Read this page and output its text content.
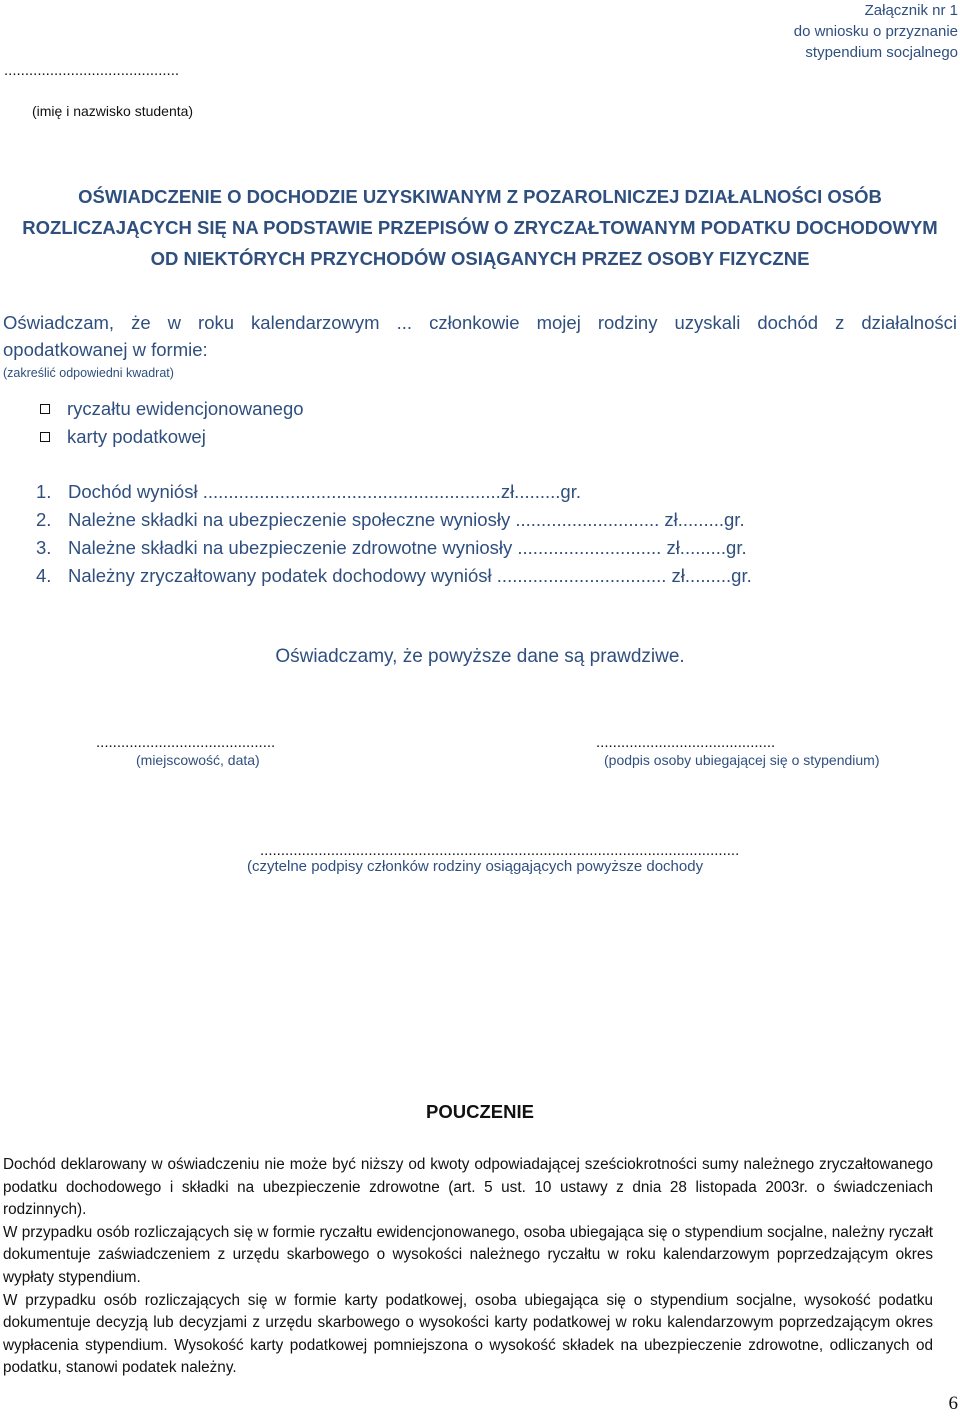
Załącznik nr 1
do wniosku o przyznanie
stypendium socjalnego
..........................................
(imię i nazwisko studenta)
OŚWIADCZENIE O DOCHODZIE UZYSKIWANYM Z POZAROLNICZEJ DZIAŁALNOŚCI OSÓB
ROZLICZAJĄCYCH SIĘ NA PODSTAWIE PRZEPISÓW O ZRYCZAŁTOWANYM PODATKU DOCHODOWYM
OD NIEKTÓRYCH PRZYCHODÓW OSIĄGANYCH PRZEZ OSOBY FIZYCZNE
Oświadczam, że w roku kalendarzowym ... członkowie mojej rodziny uzyskali dochód z działalności
opodatkowanej w formie:
(zakreślić odpowiedni kwadrat)
ryczałtu ewidencjonowanego
karty podatkowej
1. Dochód wyniósł ..........................................................zł.........gr.
2. Należne składki na ubezpieczenie społeczne wyniosły ............................ zł.........gr.
3. Należne składki na ubezpieczenie zdrowotne wyniosły ............................ zł.........gr.
4. Należny zryczałtowany podatek dochodowy wyniósł ................................. zł.........gr.
Oświadczamy, że powyższe dane są prawdziwe.
...........................................
(miejscowość, data)
...........................................
(podpis osoby ubiegającej się o stypendium)
...................................................................................................................
(czytelne podpisy członków rodziny osiągających powyższe dochody
POUCZENIE

Dochód deklarowany w oświadczeniu nie może być niższy od kwoty odpowiadającej sześciokrotności sumy należnego zryczałtowanego podatku dochodowego i składki na ubezpieczenie zdrowotne (art. 5 ust. 10 ustawy z dnia 28 listopada 2003r. o świadczeniach rodzinnych).

W przypadku osób rozliczających się w formie ryczałtu ewidencjonowanego, osoba ubiegająca się o stypendium socjalne, należny ryczałt dokumentuje zaświadczeniem z urzędu skarbowego o wysokości należnego ryczałtu w roku kalendarzowym poprzedzającym okres wypłaty stypendium.

W przypadku osób rozliczających się w formie karty podatkowej, osoba ubiegająca się o stypendium socjalne, wysokość podatku dokumentuje decyzją lub decyzjami z urzędu skarbowego o wysokości karty podatkowej w roku kalendarzowym poprzedzającym okres wypłacenia stypendium. Wysokość karty podatkowej pomniejszona o wysokość składek na ubezpieczenie zdrowotne, odliczanych od podatku, stanowi podatek należny.

6
